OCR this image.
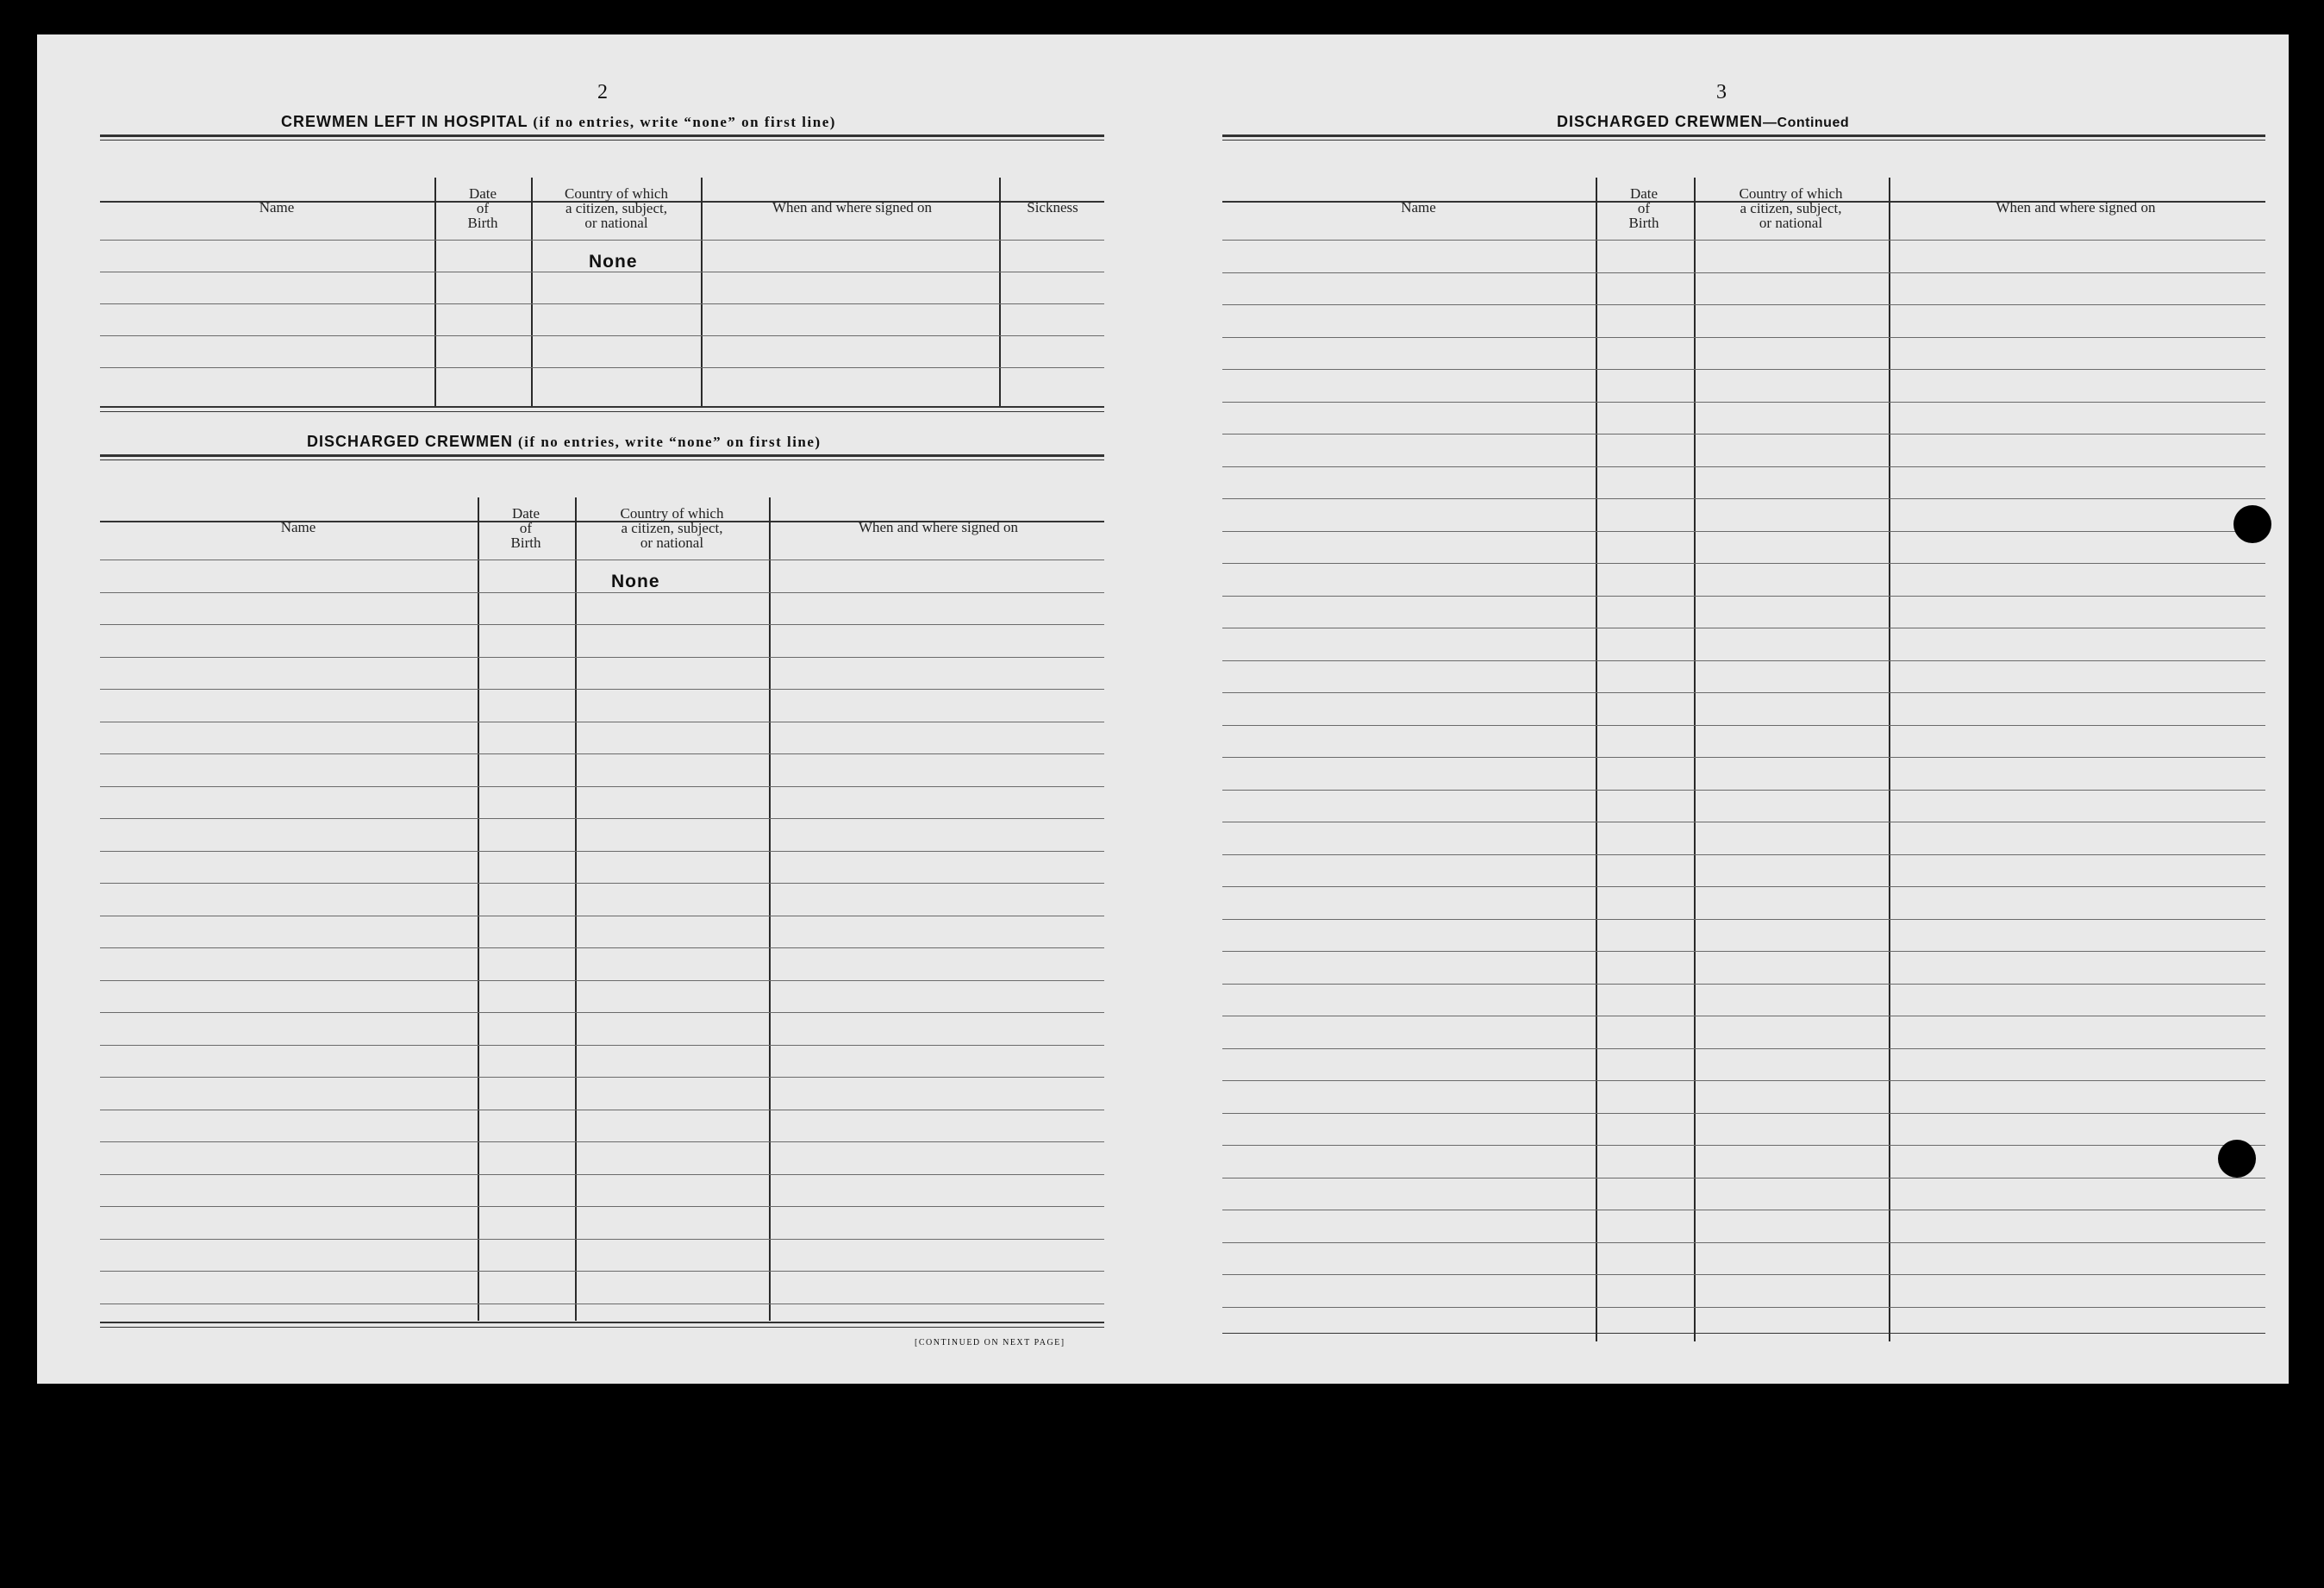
2
CREWMEN LEFT IN HOSPITAL (if no entries, write “none” on first line)
Name
Date
of
Birth
Country of which
a citizen, subject,
or national
When and where signed on	Sickness
None
DISCHARGED CREWMEN (if no entries, write “none” on first line)
Name
Date
of
Birth
Country of which
a citizen, subject,
or national
When and where signed on
None
[CONTINUED ON NEXT PAGE]
3
DISCHARGED CREWMEN—Continued
Name
Date
of
Birth
Country of which
a citizen, subject,
or national
When and where signed on
